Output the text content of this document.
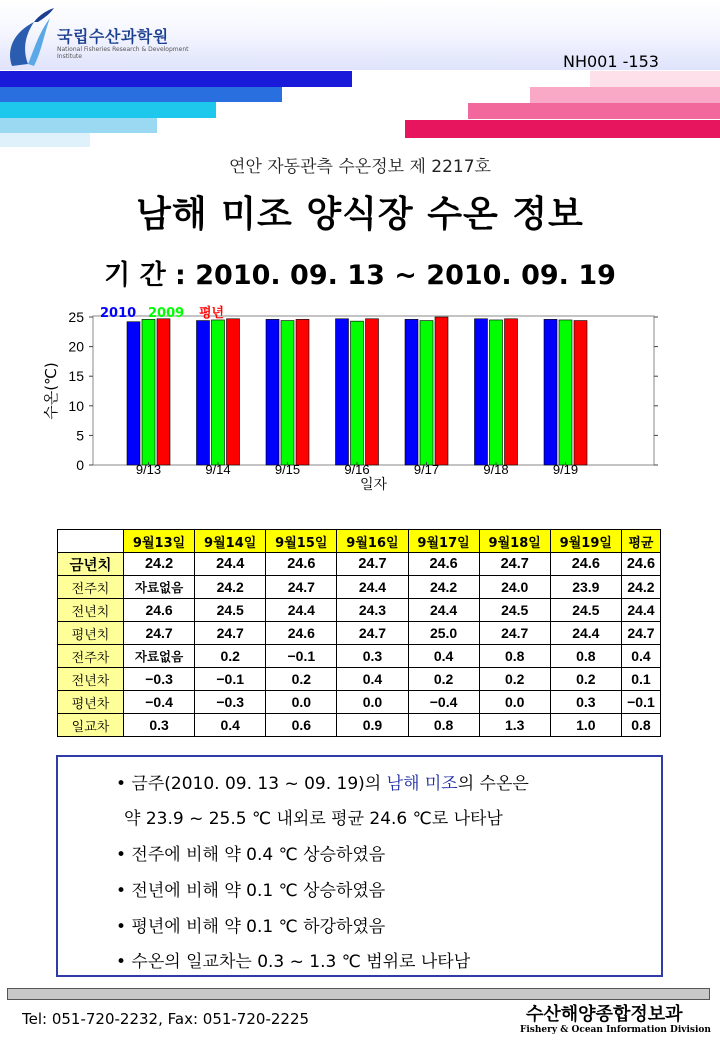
국립수산과학원
National Fisheries Research & Development Institute	NH001 -153
연안 자동관측 수온정보 제 2217호
남해 미조 양식장 수온 정보
기 간 : 2010. 09. 13 ~ 2010. 09. 19
0
5
10
15
20
25
수온(℃)
9/13	9/14	9/15	9/16	9/17	9/18	9/19
일자
2010 2009 평년
	9월13일	9월14일	9월15일	9월16일	9월17일	9월18일	9월19일	평균
금년치	24.2	24.4	24.6	24.7	24.6	24.7	24.6	24.6
전주치	자료없음	24.2	24.7	24.4	24.2	24.0	23.9	24.2
전년치	24.6	24.5	24.4	24.3	24.4	24.5	24.5	24.4
평년치	24.7	24.7	24.6	24.7	25.0	24.7	24.4	24.7
전주차	자료없음	0.2	−0.1	0.3	0.4	0.8	0.8	0.4
전년차	−0.3	−0.1	0.2	0.4	0.2	0.2	0.2	0.1
평년차	−0.4	−0.3	0.0	0.0	−0.4	0.0	0.3	−0.1
일교차	0.3	0.4	0.6	0.9	0.8	1.3	1.0	0.8

• 금주(2010. 09. 13 ~ 09. 19)의 남해 미조의 수온은

약 23.9 ~ 25.5 ℃ 내외로 평균 24.6 ℃로 나타남

• 전주에 비해 약 0.4 ℃ 상승하였음

• 전년에 비해 약 0.1 ℃ 상승하였음

• 평년에 비해 약 0.1 ℃ 하강하였음

• 수온의 일교차는 0.3 ~ 1.3 ℃ 범위로 나타남

Tel: 051-720-2232, Fax: 051-720-2225	수산해양종합정보과
Fishery & Ocean Information Division
